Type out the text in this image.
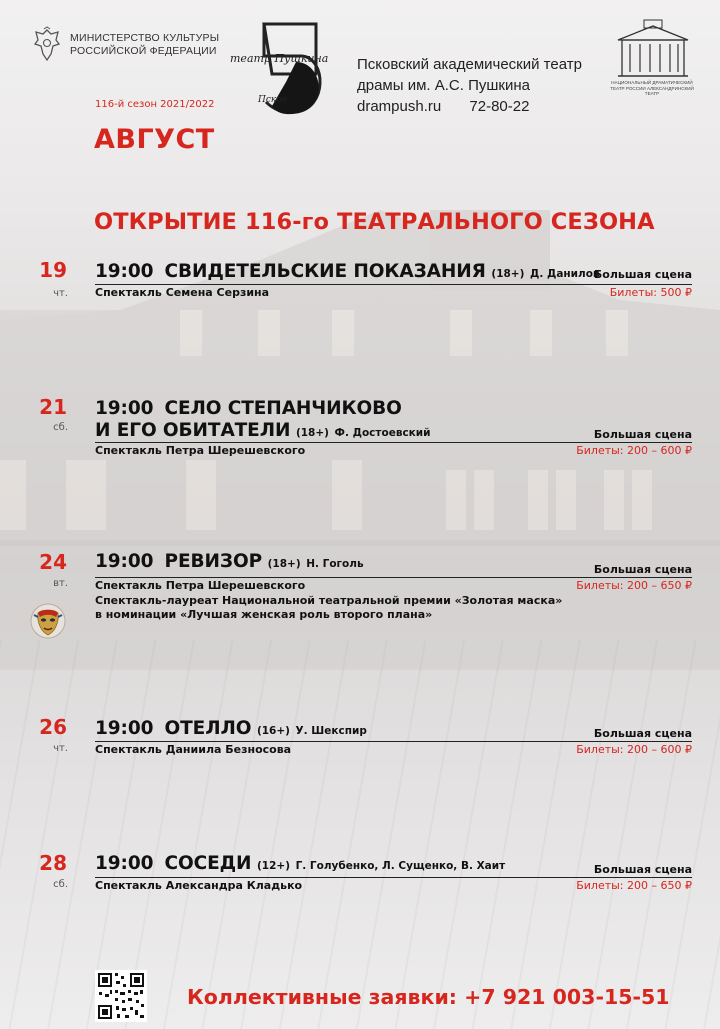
МИНИСТЕРСТВО КУЛЬТУРЫ
РОССИЙСКОЙ ФЕДЕРАЦИИ
театр Пушкина
Псков
Псковский академический театр
драмы им. А.С. Пушкина
drampush.ru 72-80-22
НАЦИОНАЛЬНЫЙ ДРАМАТИЧЕСКИЙ ТЕАТР РОССИИ АЛЕКСАНДРИНСКИЙ ТЕАТР
116-й сезон 2021/2022
АВГУСТ
ОТКРЫТИЕ 116-го ТЕАТРАЛЬНОГО СЕЗОНА
19
чт.
19:00 СВИДЕТЕЛЬСКИЕ ПОКАЗАНИЯ (18+) Д. Данилов
Большая сцена
Спектакль Семена Серзина	Билеты: 500 ₽
21
сб.
19:00 СЕЛО СТЕПАНЧИКОВО
И ЕГО ОБИТАТЕЛИ (18+) Ф. Достоевский	Большая сцена
Спектакль Петра Шерешевского	Билеты: 200 – 600 ₽
24
вт.
19:00 РЕВИЗОР (18+) Н. Гоголь	Большая сцена
Спектакль Петра Шерешевского	Билеты: 200 – 650 ₽
Спектакль-лауреат Национальной театральной премии «Золотая маска»
в номинации «Лучшая женская роль второго плана»
26
чт.
19:00 ОТЕЛЛО (16+) У. Шекспир	Большая сцена
Спектакль Даниила Безносова	Билеты: 200 – 600 ₽
28
сб.
19:00 СОСЕДИ (12+) Г. Голубенко, Л. Сущенко, В. Хаит	Большая сцена
Спектакль Александра Кладько	Билеты: 200 – 650 ₽
Коллективные заявки: +7 921 003-15-51
